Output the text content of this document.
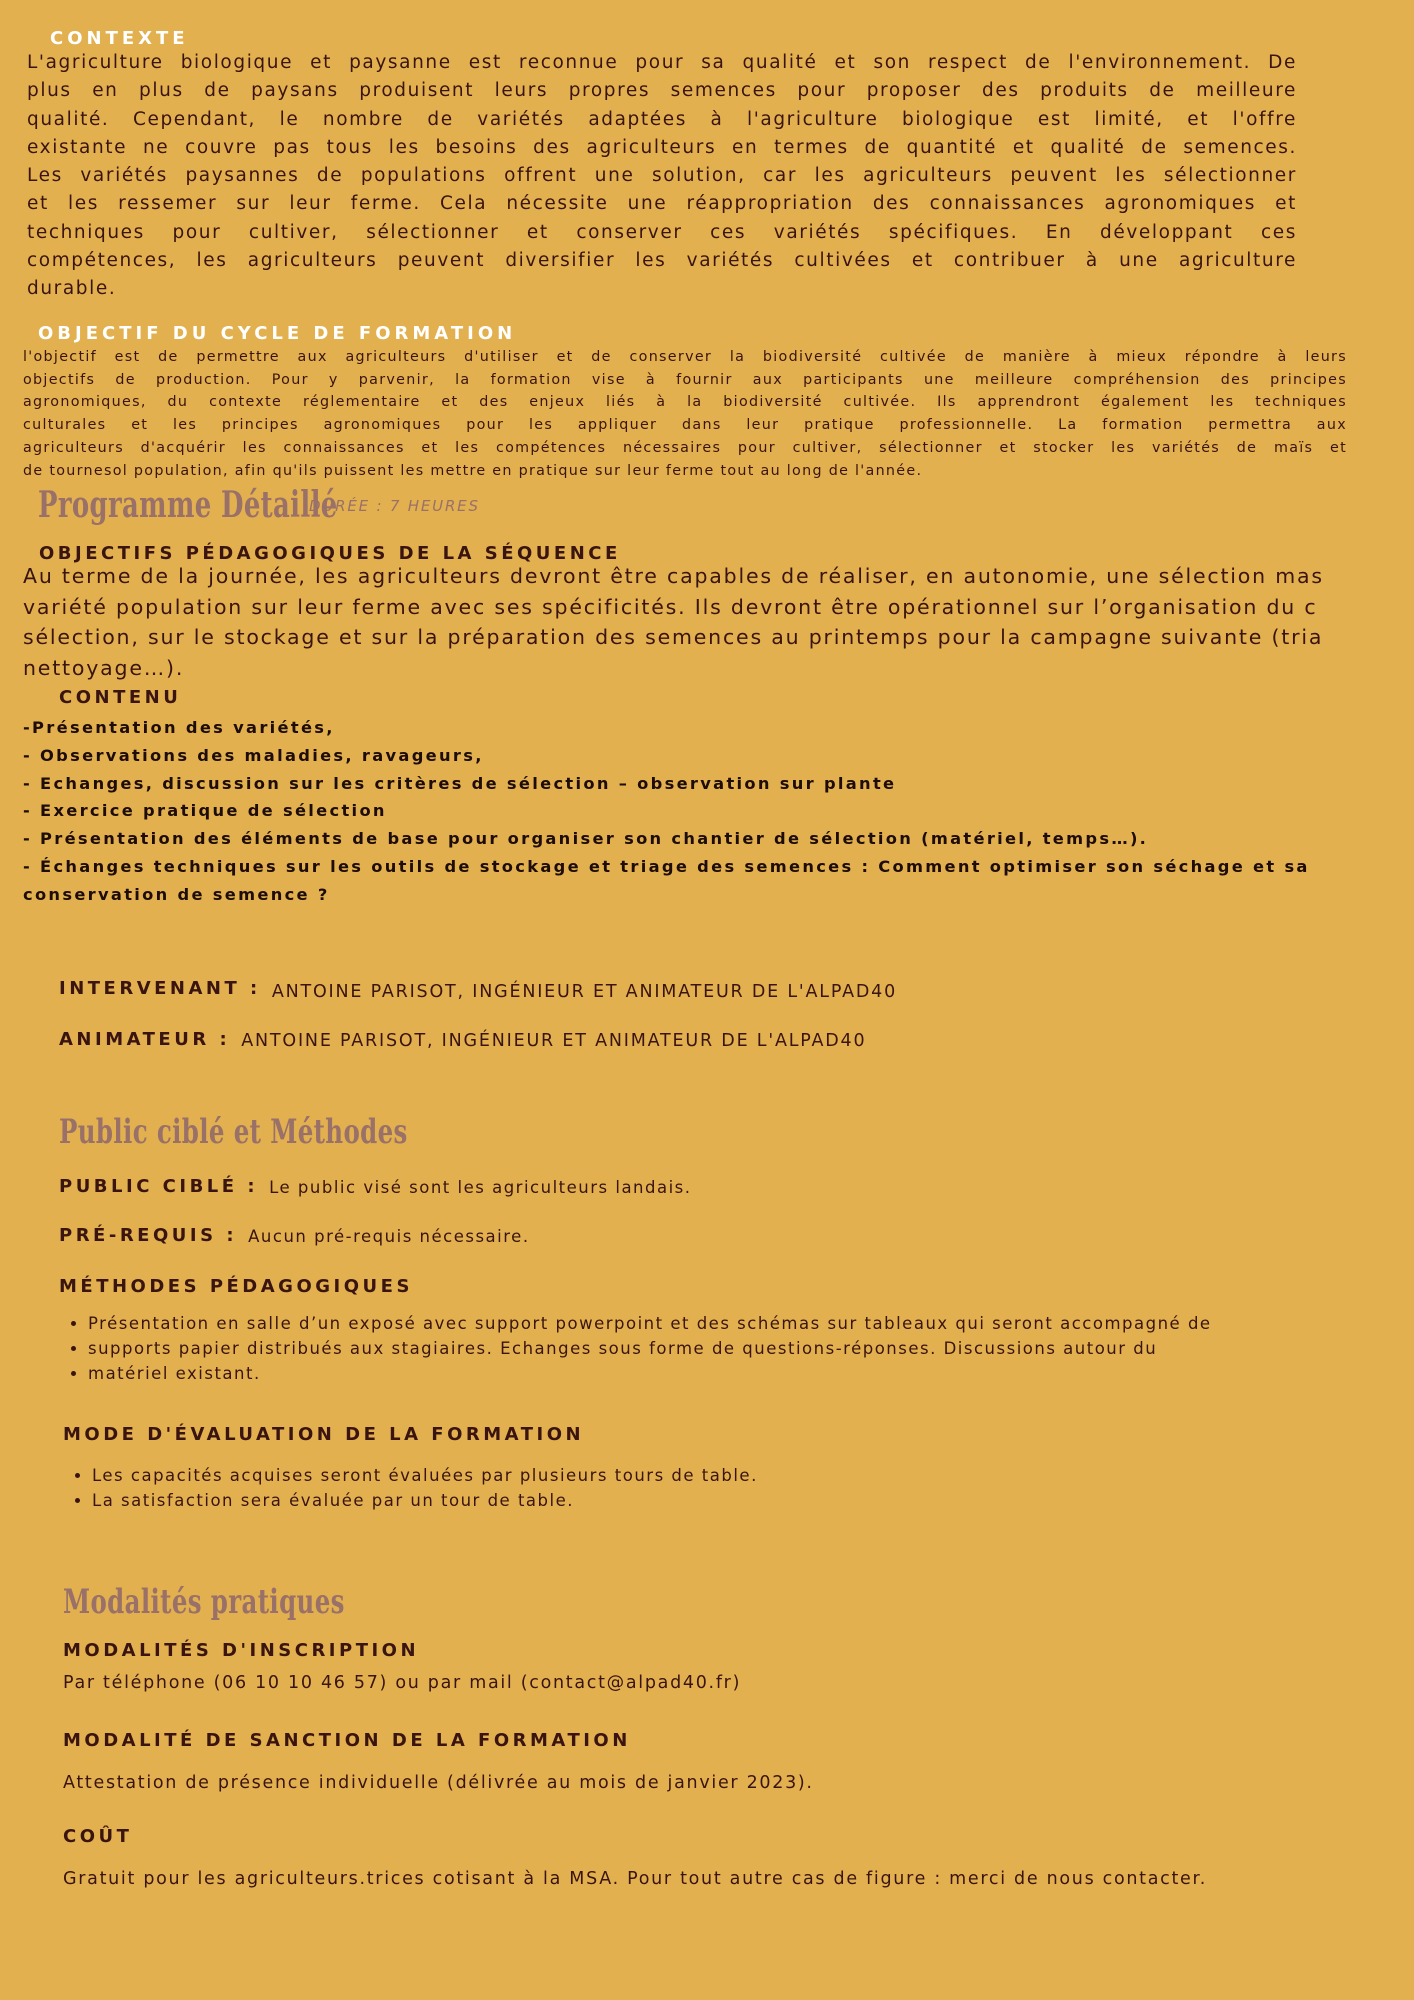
CONTEXTE

L'agriculture biologique et paysanne est reconnue pour sa qualité et son respect de l'environnement. De

plus en plus de paysans produisent leurs propres semences pour proposer des produits de meilleure

qualité. Cependant, le nombre de variétés adaptées à l'agriculture biologique est limité, et l'offre

existante ne couvre pas tous les besoins des agriculteurs en termes de quantité et qualité de semences.

Les variétés paysannes de populations offrent une solution, car les agriculteurs peuvent les sélectionner

et les ressemer sur leur ferme. Cela nécessite une réappropriation des connaissances agronomiques et

techniques pour cultiver, sélectionner et conserver ces variétés spécifiques. En développant ces

compétences, les agriculteurs peuvent diversifier les variétés cultivées et contribuer à une agriculture

durable.

OBJECTIF DU CYCLE DE FORMATION

l'objectif est de permettre aux agriculteurs d'utiliser et de conserver la biodiversité cultivée de manière à mieux répondre à leurs

objectifs de production. Pour y parvenir, la formation vise à fournir aux participants une meilleure compréhension des principes

agronomiques, du contexte réglementaire et des enjeux liés à la biodiversité cultivée. Ils apprendront également les techniques

culturales et les principes agronomiques pour les appliquer dans leur pratique professionnelle. La formation permettra aux

agriculteurs d'acquérir les connaissances et les compétences nécessaires pour cultiver, sélectionner et stocker les variétés de maïs et

de tournesol population, afin qu'ils puissent les mettre en pratique sur leur ferme tout au long de l'année.

Programme Détaillé
DURÉE : 7 HEURES
OBJECTIFS PÉDAGOGIQUES DE LA SÉQUENCE

Au terme de la journée, les agriculteurs devront être capables de réaliser, en autonomie, une sélection mas

variété population sur leur ferme avec ses spécificités. Ils devront être opérationnel sur l’organisation du c

sélection, sur le stockage et sur la préparation des semences au printemps pour la campagne suivante (tria

nettoyage…).

CONTENU
-Présentation des variétés,
- Observations des maladies, ravageurs,
- Echanges, discussion sur les critères de sélection – observation sur plante
- Exercice pratique de sélection
- Présentation des éléments de base pour organiser son chantier de sélection (matériel, temps…).
- Échanges techniques sur les outils de stockage et triage des semences : Comment optimiser son séchage et sa
conservation de semence ?
INTERVENANT : ANTOINE PARISOT, INGÉNIEUR ET ANIMATEUR DE L'ALPAD40
ANIMATEUR : ANTOINE PARISOT, INGÉNIEUR ET ANIMATEUR DE L'ALPAD40
Public ciblé et Méthodes
PUBLIC CIBLÉ : Le public visé sont les agriculteurs landais.
PRÉ-REQUIS : Aucun pré-requis nécessaire.
MÉTHODES PÉDAGOGIQUES
• Présentation en salle d’un exposé avec support powerpoint et des schémas sur tableaux qui seront accompagné de
• supports papier distribués aux stagiaires. Echanges sous forme de questions-réponses. Discussions autour du
• matériel existant.
MODE D'ÉVALUATION DE LA FORMATION
• Les capacités acquises seront évaluées par plusieurs tours de table.
• La satisfaction sera évaluée par un tour de table.
Modalités pratiques
MODALITÉS D'INSCRIPTION
Par téléphone (06 10 10 46 57) ou par mail (contact@alpad40.fr)
MODALITÉ DE SANCTION DE LA FORMATION
Attestation de présence individuelle (délivrée au mois de janvier 2023).
COÛT
Gratuit pour les agriculteurs.trices cotisant à la MSA. Pour tout autre cas de figure : merci de nous contacter.
